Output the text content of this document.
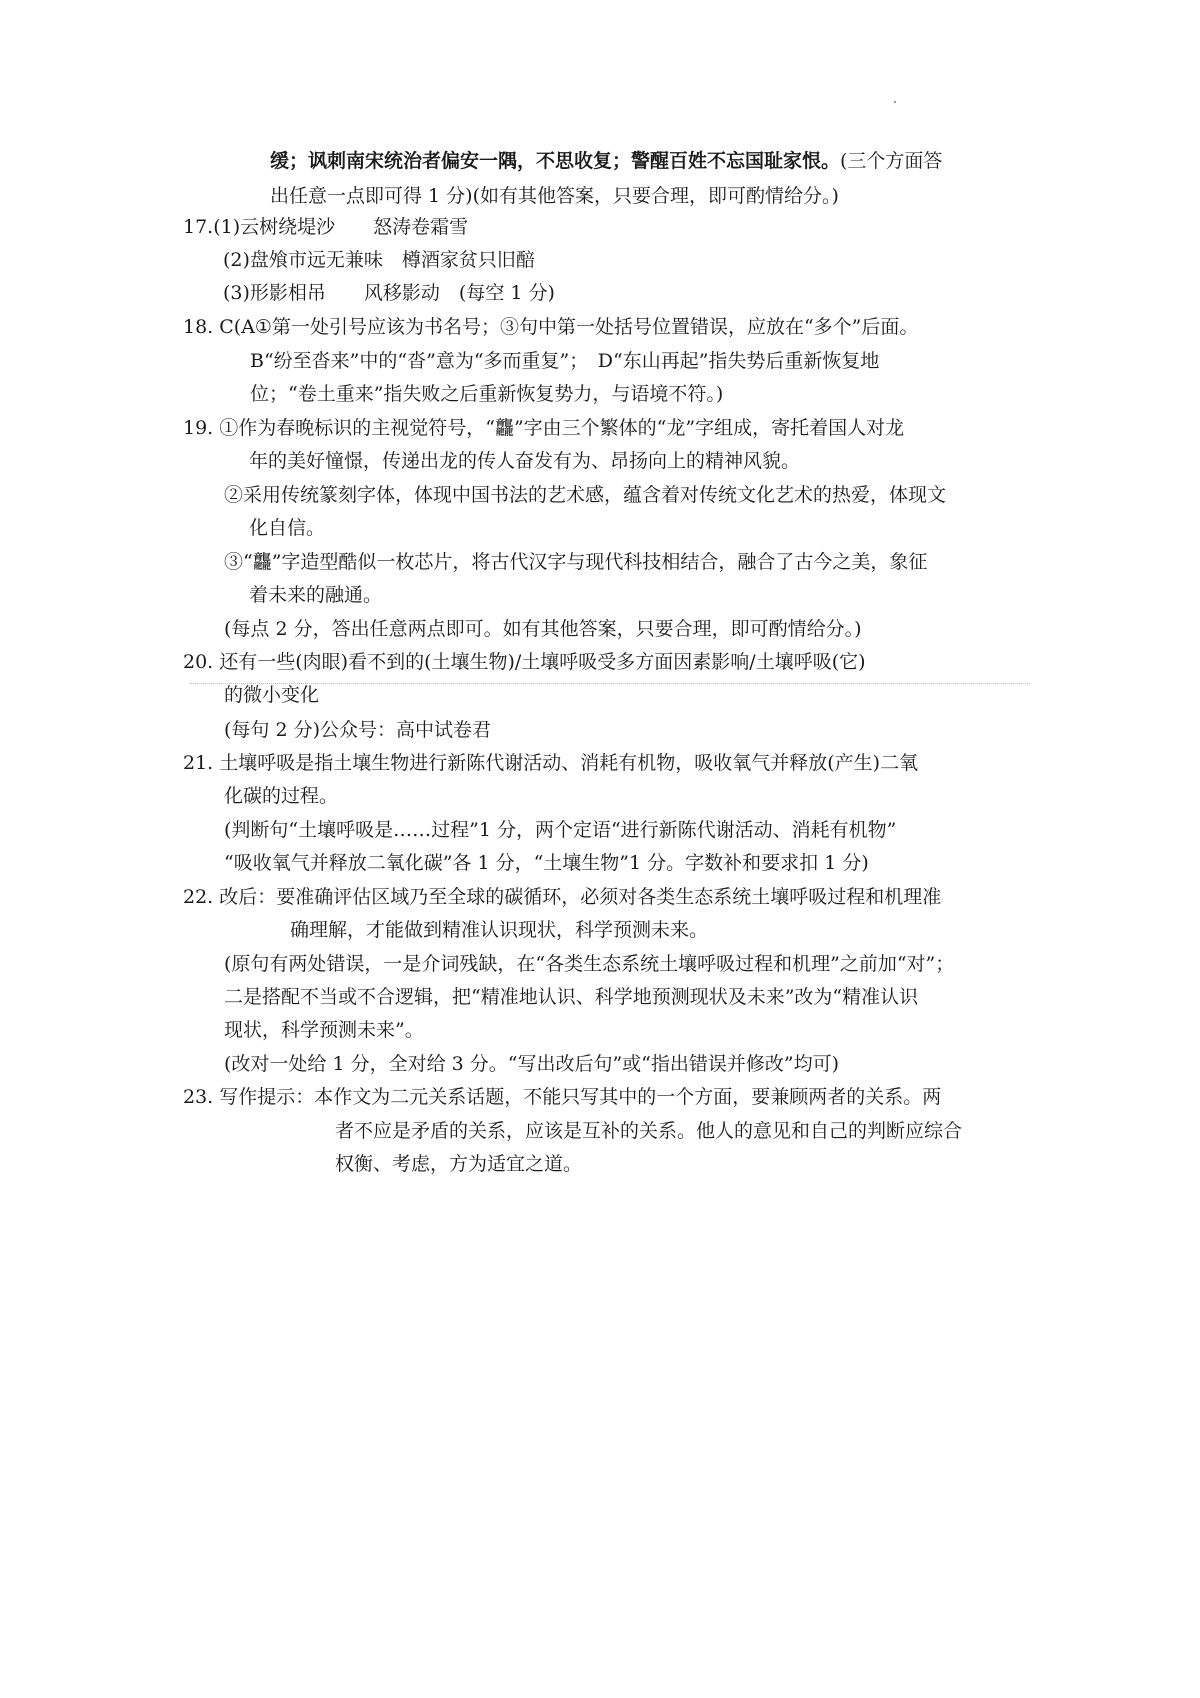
缓；讽刺南宋统治者偏安一隅，不思收复；警醒百姓不忘国耻家恨。(三个方面答
出任意一点即可得 1 分)(如有其他答案，只要合理，即可酌情给分。)
17.(1)云树绕堤沙　　怒涛卷霜雪
(2)盘飧市远无兼味　樽酒家贫只旧醅
(3)形影相吊　　风移影动　(每空 1 分)
18. C(A①第一处引号应该为书名号；③句中第一处括号位置错误，应放在“多个”后面。
B“纷至沓来”中的“沓”意为“多而重复”；　D“东山再起”指失势后重新恢复地
位；“卷土重来”指失败之后重新恢复势力，与语境不符。)
19. ①作为春晚标识的主视觉符号，“龘”字由三个繁体的“龙”字组成，寄托着国人对龙
年的美好憧憬，传递出龙的传人奋发有为、昂扬向上的精神风貌。
②采用传统篆刻字体，体现中国书法的艺术感，蕴含着对传统文化艺术的热爱，体现文
化自信。
③“龘”字造型酷似一枚芯片，将古代汉字与现代科技相结合，融合了古今之美，象征
着未来的融通。
(每点 2 分，答出任意两点即可。如有其他答案，只要合理，即可酌情给分。)
20. 还有一些(肉眼)看不到的(土壤生物)/土壤呼吸受多方面因素影响/土壤呼吸(它)
的微小变化
(每句 2 分)公众号：高中试卷君
21. 土壤呼吸是指土壤生物进行新陈代谢活动、消耗有机物，吸收氧气并释放(产生)二氧
化碳的过程。
(判断句“土壤呼吸是……过程”1 分，两个定语“进行新陈代谢活动、消耗有机物”
“吸收氧气并释放二氧化碳”各 1 分，“土壤生物”1 分。字数补和要求扣 1 分)
22. 改后：要准确评估区域乃至全球的碳循环，必须对各类生态系统土壤呼吸过程和机理准
确理解，才能做到精准认识现状，科学预测未来。
(原句有两处错误，一是介词残缺，在“各类生态系统土壤呼吸过程和机理”之前加“对”；
二是搭配不当或不合逻辑，把“精准地认识、科学地预测现状及未来”改为“精准认识
现状，科学预测未来”。
(改对一处给 1 分，全对给 3 分。“写出改后句”或“指出错误并修改”均可)
23. 写作提示：本作文为二元关系话题，不能只写其中的一个方面，要兼顾两者的关系。两
者不应是矛盾的关系，应该是互补的关系。他人的意见和自己的判断应综合
权衡、考虑，方为适宜之道。
